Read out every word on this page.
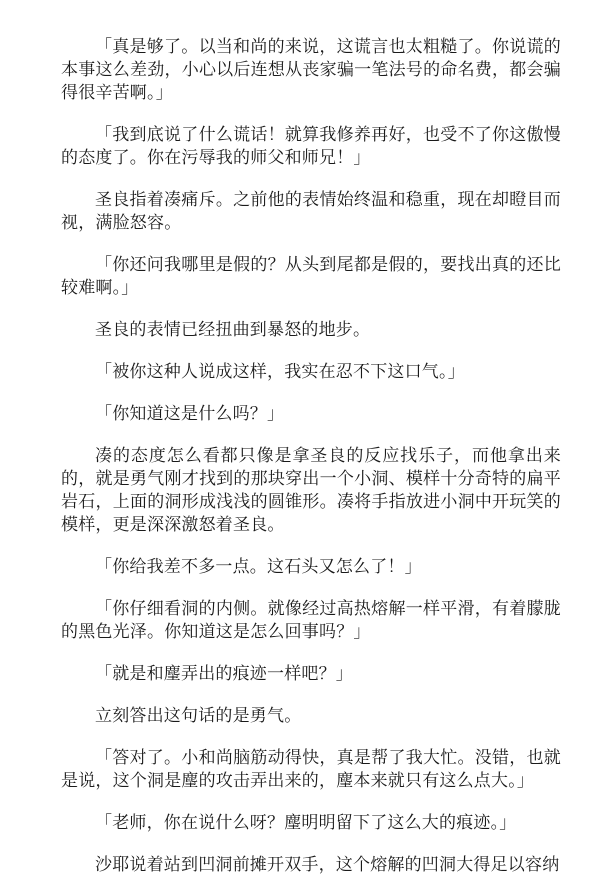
「真是够了。以当和尚的来说，这谎言也太粗糙了。你说谎的本事这么差劲，小心以后连想从丧家骗一笔法号的命名费，都会骗得很辛苦啊。」

「我到底说了什么谎话！就算我修养再好，也受不了你这傲慢的态度了。你在污辱我的师父和师兄！」

圣良指着凑痛斥。之前他的表情始终温和稳重，现在却瞪目而视，满脸怒容。

「你还问我哪里是假的？从头到尾都是假的，要找出真的还比较难啊。」

圣良的表情已经扭曲到暴怒的地步。

「被你这种人说成这样，我实在忍不下这口气。」

「你知道这是什么吗？」

凑的态度怎么看都只像是拿圣良的反应找乐子，而他拿出来的，就是勇气刚才找到的那块穿出一个小洞、模样十分奇特的扁平岩石，上面的洞形成浅浅的圆锥形。凑将手指放进小洞中开玩笑的模样，更是深深激怒着圣良。

「你给我差不多一点。这石头又怎么了！」

「你仔细看洞的内侧。就像经过高热熔解一样平滑，有着朦胧的黑色光泽。你知道这是怎么回事吗？」

「就是和麈弄出的痕迹一样吧？」

立刻答出这句话的是勇气。

「答对了。小和尚脑筋动得快，真是帮了我大忙。没错，也就是说，这个洞是麈的攻击弄出来的，麈本来就只有这么点大。」

「老师，你在说什么呀？麈明明留下了这么大的痕迹。」

沙耶说着站到凹洞前摊开双手，这个熔解的凹洞大得足以容纳
